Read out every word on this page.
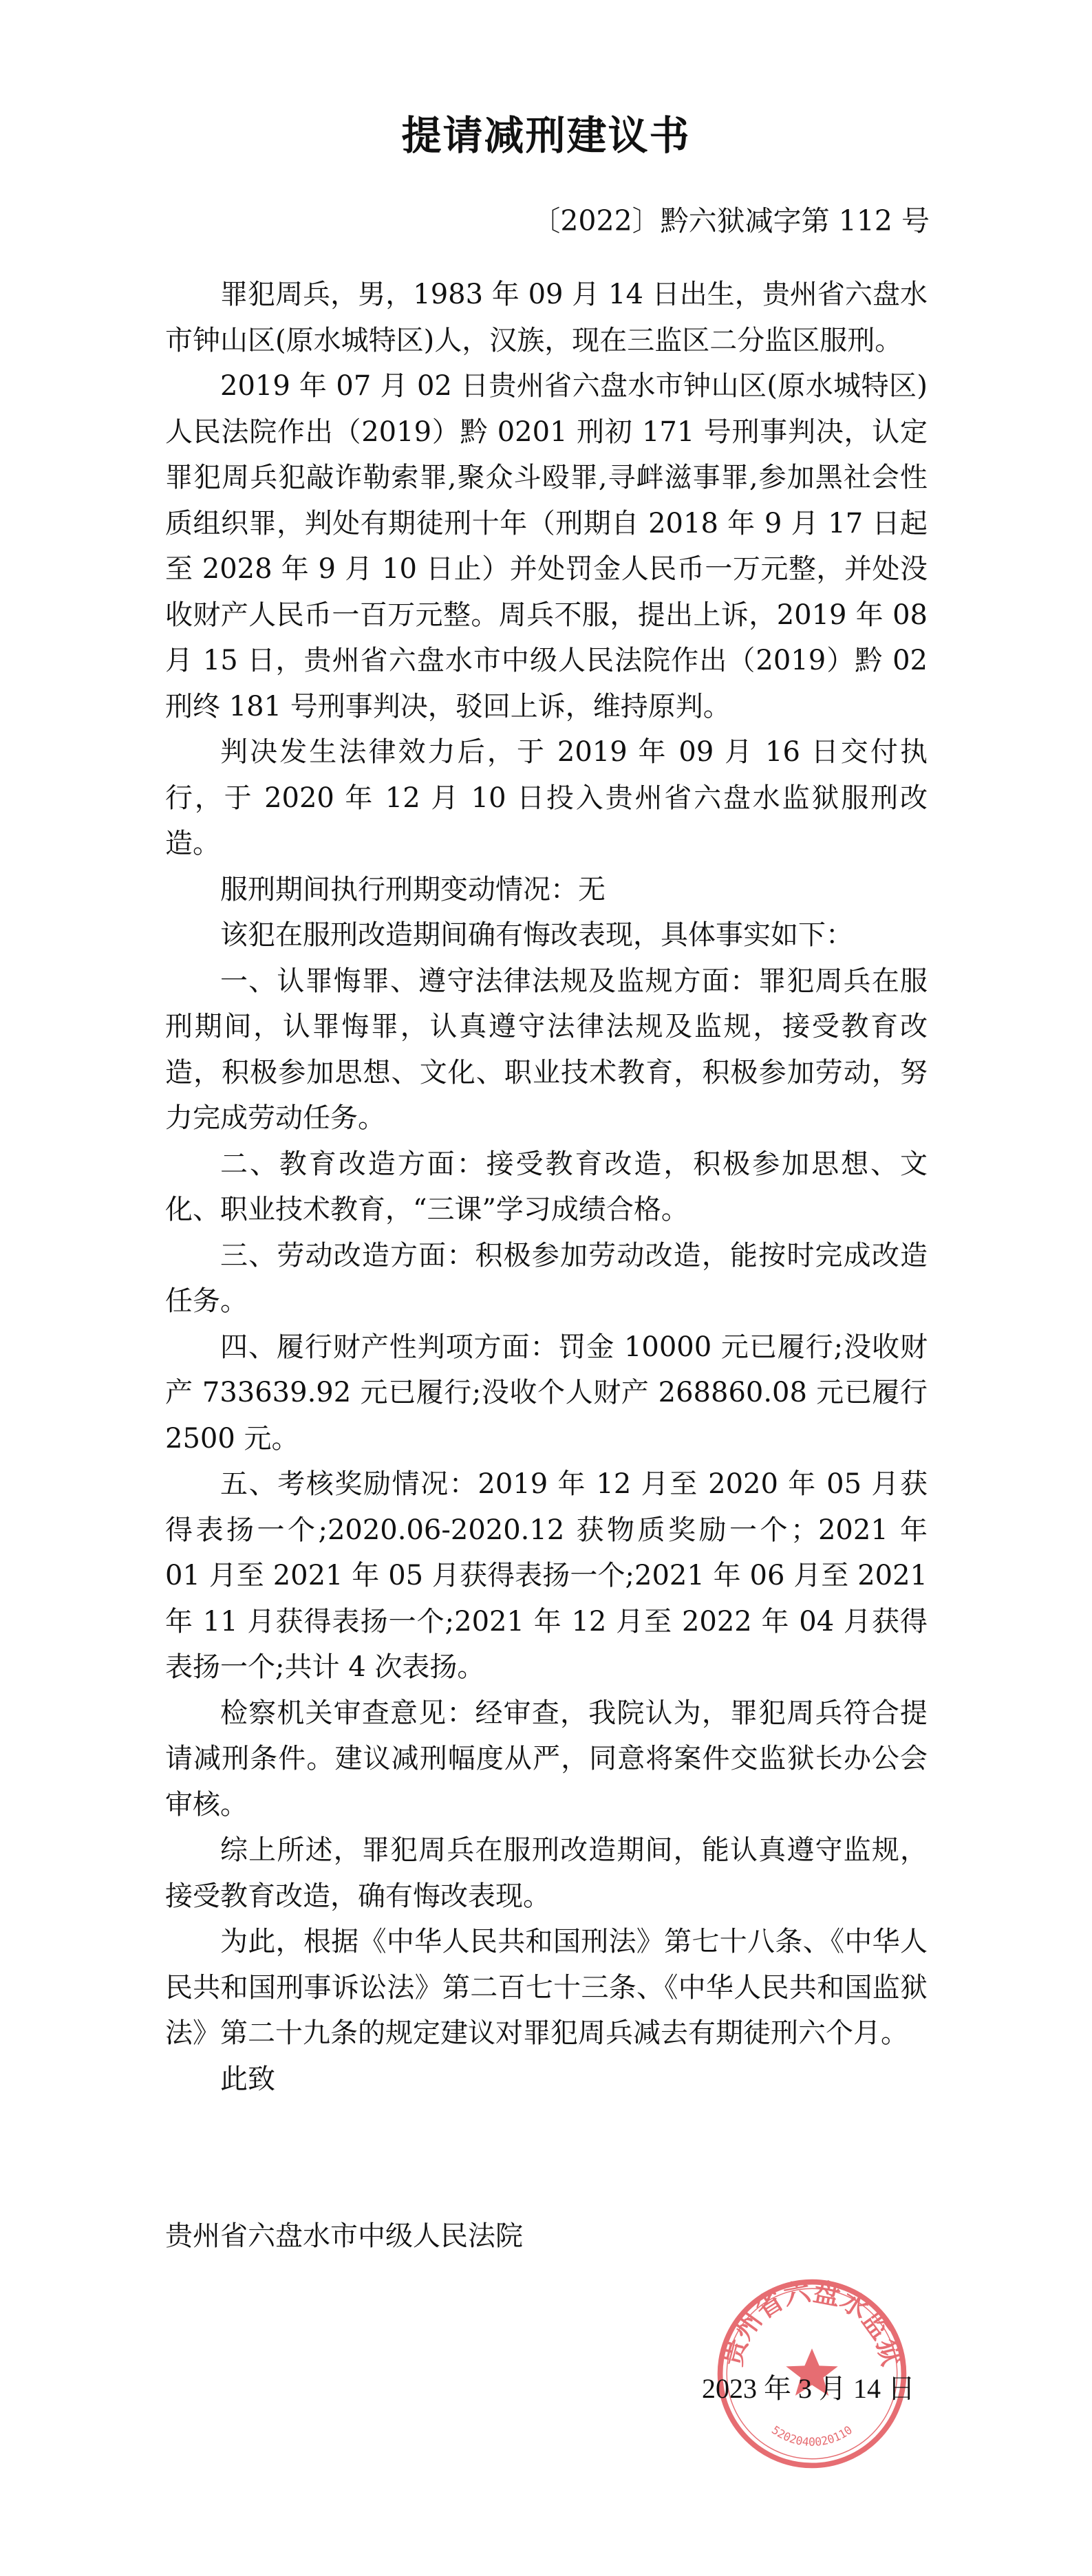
提请减刑建议书
〔2022〕黔六狱减字第 112 号

罪犯周兵，男，1983 年 09 月 14 日出生，贵州省六盘水市钟山区(原水城特区)人，汉族，现在三监区二分监区服刑。

2019 年 07 月 02 日贵州省六盘水市钟山区(原水城特区)人民法院作出（2019）黔 0201 刑初 171 号刑事判决，认定罪犯周兵犯敲诈勒索罪,聚众斗殴罪,寻衅滋事罪,参加黑社会性质组织罪，判处有期徒刑十年（刑期自 2018 年 9 月 17 日起至 2028 年 9 月 10 日止）并处罚金人民币一万元整，并处没收财产人民币一百万元整。周兵不服，提出上诉，2019 年 08 月 15 日，贵州省六盘水市中级人民法院作出（2019）黔 02 刑终 181 号刑事判决，驳回上诉，维持原判。

判决发生法律效力后，于 2019 年 09 月 16 日交付执行，于 2020 年 12 月 10 日投入贵州省六盘水监狱服刑改造。

服刑期间执行刑期变动情况：无

该犯在服刑改造期间确有悔改表现，具体事实如下：

一、认罪悔罪、遵守法律法规及监规方面：罪犯周兵在服刑期间，认罪悔罪，认真遵守法律法规及监规，接受教育改造，积极参加思想、文化、职业技术教育，积极参加劳动，努力完成劳动任务。

二、教育改造方面：接受教育改造，积极参加思想、文化、职业技术教育，“三课”学习成绩合格。

三、劳动改造方面：积极参加劳动改造，能按时完成改造任务。

四、履行财产性判项方面：罚金 10000 元已履行;没收财产 733639.92 元已履行;没收个人财产 268860.08 元已履行 2500 元。

五、考核奖励情况：2019 年 12 月至 2020 年 05 月获得表扬一个;2020.06-2020.12 获物质奖励一个；2021 年 01 月至 2021 年 05 月获得表扬一个;2021 年 06 月至 2021 年 11 月获得表扬一个;2021 年 12 月至 2022 年 04 月获得表扬一个;共计 4 次表扬。

检察机关审查意见：经审查，我院认为，罪犯周兵符合提请减刑条件。建议减刑幅度从严，同意将案件交监狱长办公会审核。

综上所述，罪犯周兵在服刑改造期间，能认真遵守监规，接受教育改造，确有悔改表现。

为此，根据《中华人民共和国刑法》第七十八条、《中华人民共和国刑事诉讼法》第二百七十三条、《中华人民共和国监狱法》第二十九条的规定建议对罪犯周兵减去有期徒刑六个月。

此致

贵州省六盘水市中级人民法院
贵州省六盘水监狱
5202040020110
2023 年 3 月 14 日
